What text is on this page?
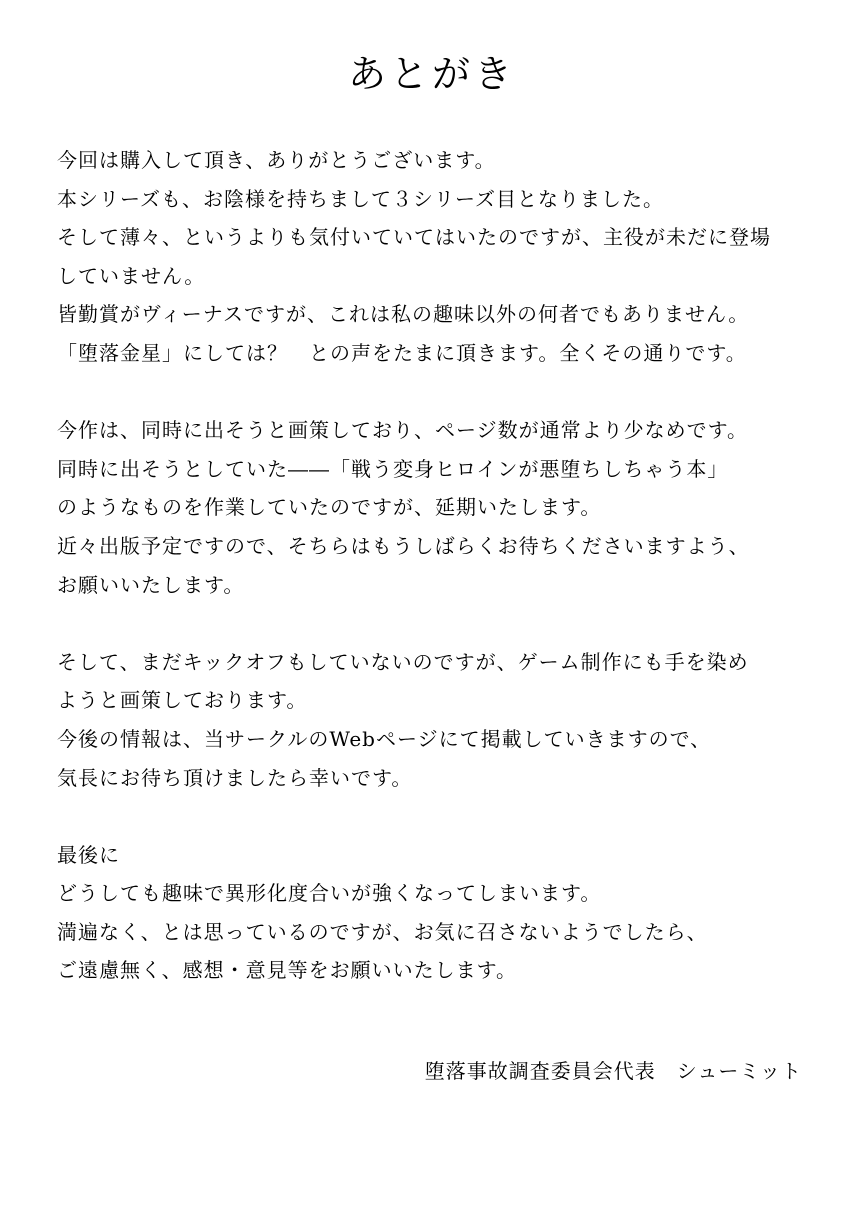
あとがき
今回は購入して頂き、ありがとうございます。
本シリーズも、お陰様を持ちまして３シリーズ目となりました。
そして薄々、というよりも気付いていてはいたのですが、主役が未だに登場
していません。
皆勤賞がヴィーナスですが、これは私の趣味以外の何者でもありません。
「堕落金星」にしては？　との声をたまに頂きます。全くその通りです。
今作は、同時に出そうと画策しており、ページ数が通常より少なめです。
同時に出そうとしていた――「戦う変身ヒロインが悪堕ちしちゃう本」
のようなものを作業していたのですが、延期いたします。
近々出版予定ですので、そちらはもうしばらくお待ちくださいますよう、
お願いいたします。
そして、まだキックオフもしていないのですが、ゲーム制作にも手を染め
ようと画策しております。
今後の情報は、当サークルのWebページにて掲載していきますので、
気長にお待ち頂けましたら幸いです。
最後に
どうしても趣味で異形化度合いが強くなってしまいます。
満遍なく、とは思っているのですが、お気に召さないようでしたら、
ご遠慮無く、感想・意見等をお願いいたします。
堕落事故調査委員会代表　シューミット
